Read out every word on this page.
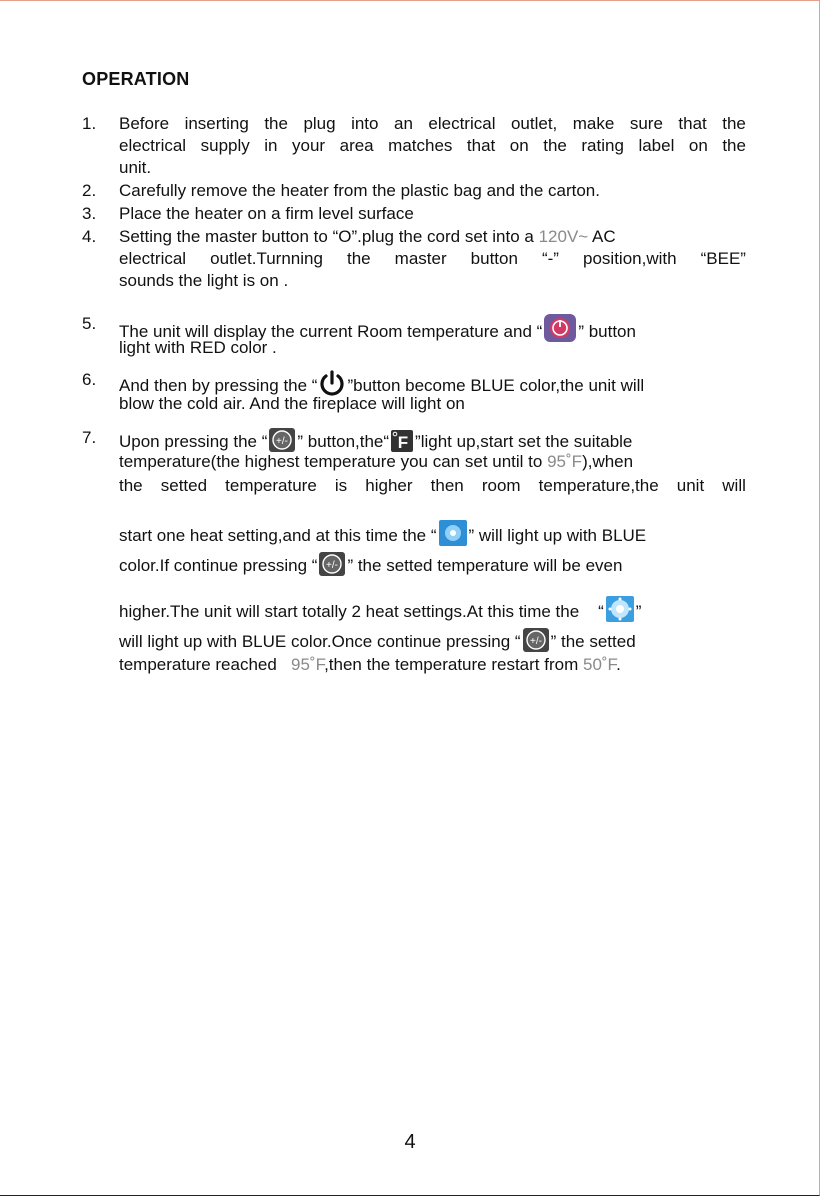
OPERATION
1. Before inserting the plug into an electrical outlet, make sure that the
electrical supply in your area matches that on the rating label on the
unit.
2. Carefully remove the heater from the plastic bag and the carton.
3. Place the heater on a firm level surface
4. Setting the master button to “O”.plug the cord set into a 120V~ AC
electrical outlet.Turnning the master button “-” position,with “BEE”
sounds the light is on .
5. The unit will display the current Room temperature and “ ” button
light with RED color .
6. And then by pressing the “ ”button become BLUE color,the unit will
blow the cold air. And the fireplace will light on
7. Upon pressing the “ +/- ” button,the“ F ”light up,start set the suitable
temperature(the highest temperature you can set until to 95˚F),when
the setted temperature is higher then room temperature,the unit will
start one heat setting,and at this time the “ ” will light up with BLUE
color.If continue pressing “ +/- ” the setted temperature will be even
higher.The unit will start totally 2 heat settings.At this time the “ ”
will light up with BLUE color.Once continue pressing “ +/- ” the setted
temperature reached 95˚F,then the temperature restart from 50˚F.
4
